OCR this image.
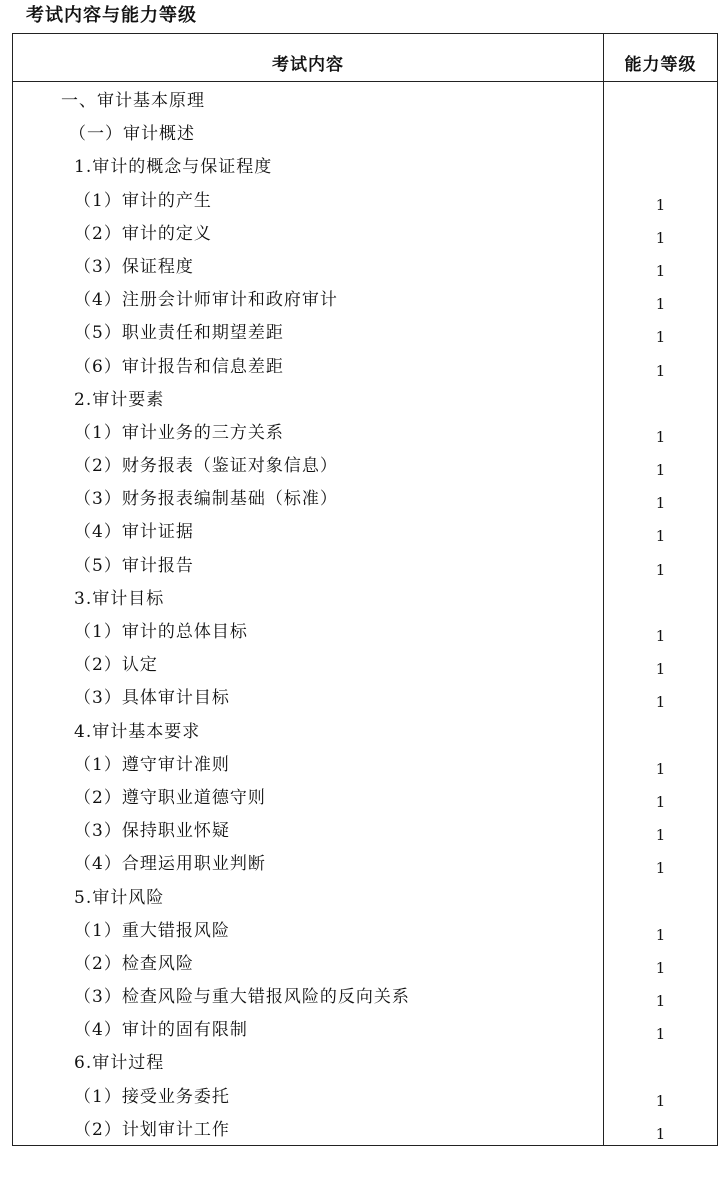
考试内容与能力等级
考试内容	能力等级
一、审计基本原理
（一）审计概述
1.审计的概念与保证程度
（1）审计的产生	1
（2）审计的定义	1
（3）保证程度	1
（4）注册会计师审计和政府审计	1
（5）职业责任和期望差距	1
（6）审计报告和信息差距	1
2.审计要素
（1）审计业务的三方关系	1
（2）财务报表（鉴证对象信息）	1
（3）财务报表编制基础（标准）	1
（4）审计证据	1
（5）审计报告	1
3.审计目标
（1）审计的总体目标	1
（2）认定	1
（3）具体审计目标	1
4.审计基本要求
（1）遵守审计准则	1
（2）遵守职业道德守则	1
（3）保持职业怀疑	1
（4）合理运用职业判断	1
5.审计风险
（1）重大错报风险	1
（2）检查风险	1
（3）检查风险与重大错报风险的反向关系	1
（4）审计的固有限制	1
6.审计过程
（1）接受业务委托	1
（2）计划审计工作	1
